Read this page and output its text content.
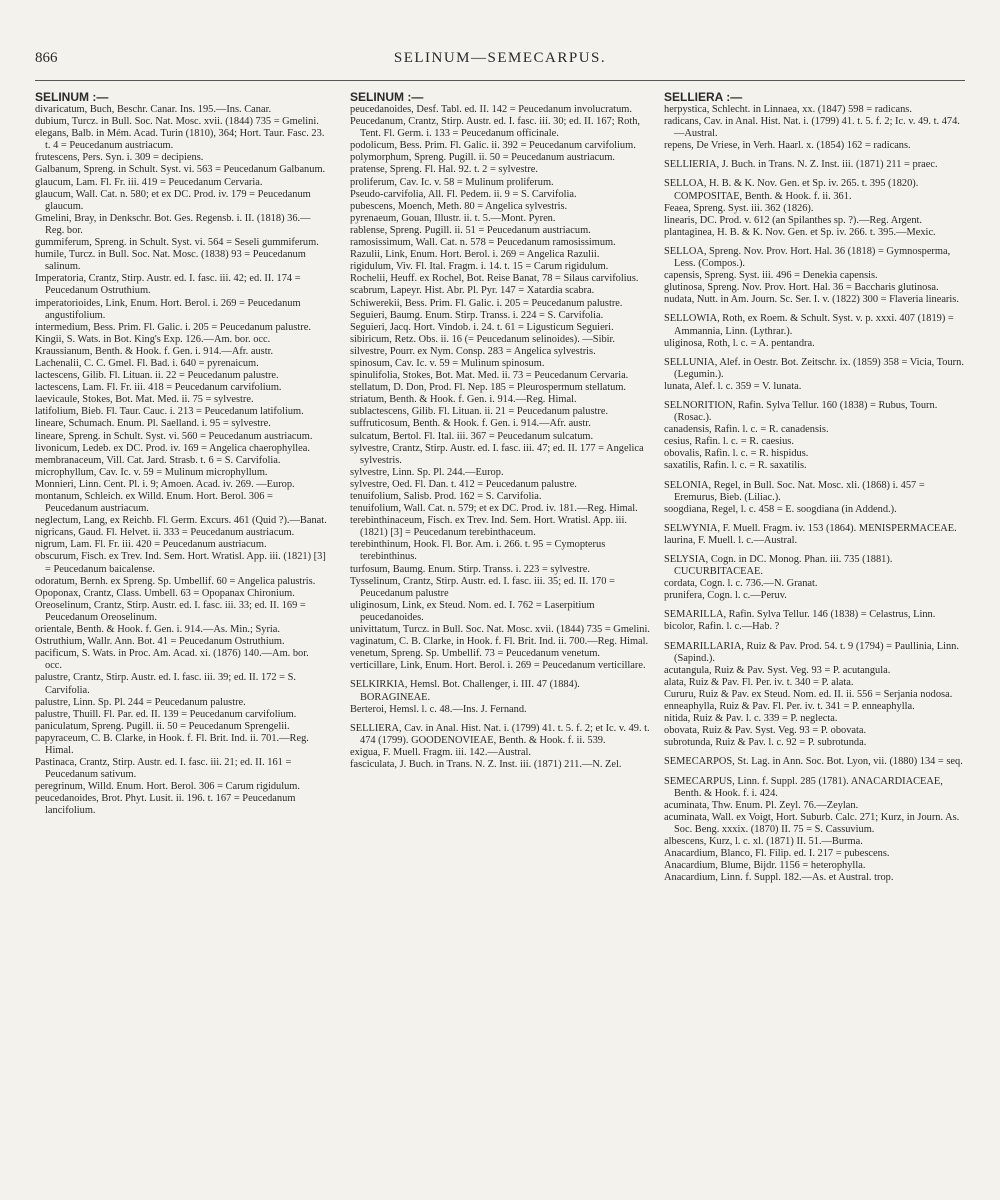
866	SELINUM—SEMECARPUS.

SELINUM :—

divaricatum, Buch, Beschr. Canar. Ins. 195.—Ins. Canar.

dubium, Turcz. in Bull. Soc. Nat. Mosc. xvii. (1844) 735 = Gmelini.

elegans, Balb. in Mém. Acad. Turin (1810), 364; Hort. Taur. Fasc. 23. t. 4 = Peucedanum austriacum.

frutescens, Pers. Syn. i. 309 = decipiens.

Galbanum, Spreng. in Schult. Syst. vi. 563 = Peucedanum Galbanum.

glaucum, Lam. Fl. Fr. iii. 419 = Peucedanum Cervaria.

glaucum, Wall. Cat. n. 580; et ex DC. Prod. iv. 179 = Peucedanum glaucum.

Gmelini, Bray, in Denkschr. Bot. Ges. Regensb. i. II. (1818) 36.—Reg. bor.

gummiferum, Spreng. in Schult. Syst. vi. 564 = Seseli gummiferum.

humile, Turcz. in Bull. Soc. Nat. Mosc. (1838) 93 = Peucedanum salinum.

Imperatoria, Crantz, Stirp. Austr. ed. I. fasc. iii. 42; ed. II. 174 = Peucedanum Ostruthium.

imperatorioides, Link, Enum. Hort. Berol. i. 269 = Peucedanum angustifolium.

intermedium, Bess. Prim. Fl. Galic. i. 205 = Peucedanum palustre.

Kingii, S. Wats. in Bot. King's Exp. 126.—Am. bor. occ.

Kraussianum, Benth. & Hook. f. Gen. i. 914.—Afr. austr.

Lachenalii, C. C. Gmel. Fl. Bad. i. 640 = pyrenaicum.

lactescens, Gilib. Fl. Lituan. ii. 22 = Peucedanum palustre.

lactescens, Lam. Fl. Fr. iii. 418 = Peucedanum carvifolium.

laevicaule, Stokes, Bot. Mat. Med. ii. 75 = sylvestre.

latifolium, Bieb. Fl. Taur. Cauc. i. 213 = Peucedanum latifolium.

lineare, Schumach. Enum. Pl. Saelland. i. 95 = sylvestre.

lineare, Spreng. in Schult. Syst. vi. 560 = Peucedanum austriacum.

livonicum, Ledeb. ex DC. Prod. iv. 169 = Angelica chaerophyllea.

membranaceum, Vill. Cat. Jard. Strasb. t. 6 = S. Carvifolia.

microphyllum, Cav. Ic. v. 59 = Mulinum microphyllum.

Monnieri, Linn. Cent. Pl. i. 9; Amoen. Acad. iv. 269. —Europ.

montanum, Schleich. ex Willd. Enum. Hort. Berol. 306 = Peucedanum austriacum.

neglectum, Lang, ex Reichb. Fl. Germ. Excurs. 461 (Quid ?).—Banat.

nigricans, Gaud. Fl. Helvet. ii. 333 = Peucedanum austriacum.

nigrum, Lam. Fl. Fr. iii. 420 = Peucedanum austriacum.

obscurum, Fisch. ex Trev. Ind. Sem. Hort. Wratisl. App. iii. (1821) [3] = Peucedanum baicalense.

odoratum, Bernh. ex Spreng. Sp. Umbellif. 60 = Angelica palustris.

Opoponax, Crantz, Class. Umbell. 63 = Opopanax Chironium.

Oreoselinum, Crantz, Stirp. Austr. ed. I. fasc. iii. 33; ed. II. 169 = Peucedanum Oreoselinum.

orientale, Benth. & Hook. f. Gen. i. 914.—As. Min.; Syria.

Ostruthium, Wallr. Ann. Bot. 41 = Peucedanum Ostruthium.

pacificum, S. Wats. in Proc. Am. Acad. xi. (1876) 140.—Am. bor. occ.

palustre, Crantz, Stirp. Austr. ed. I. fasc. iii. 39; ed. II. 172 = S. Carvifolia.

palustre, Linn. Sp. Pl. 244 = Peucedanum palustre.

palustre, Thuill. Fl. Par. ed. II. 139 = Peucedanum carvifolium.

paniculatum, Spreng. Pugill. ii. 50 = Peucedanum Sprengelii.

papyraceum, C. B. Clarke, in Hook. f. Fl. Brit. Ind. ii. 701.—Reg. Himal.

Pastinaca, Crantz, Stirp. Austr. ed. I. fasc. iii. 21; ed. II. 161 = Peucedanum sativum.

peregrinum, Willd. Enum. Hort. Berol. 306 = Carum rigidulum.

peucedanoides, Brot. Phyt. Lusit. ii. 196. t. 167 = Peucedanum lancifolium.

SELINUM :—

peucedanoides, Desf. Tabl. ed. II. 142 = Peucedanum involucratum.

Peucedanum, Crantz, Stirp. Austr. ed. I. fasc. iii. 30; ed. II. 167; Roth, Tent. Fl. Germ. i. 133 = Peucedanum officinale.

podolicum, Bess. Prim. Fl. Galic. ii. 392 = Peucedanum carvifolium.

polymorphum, Spreng. Pugill. ii. 50 = Peucedanum austriacum.

pratense, Spreng. Fl. Hal. 92. t. 2 = sylvestre.

proliferum, Cav. Ic. v. 58 = Mulinum proliferum.

Pseudo-carvifolia, All. Fl. Pedem. ii. 9 = S. Carvifolia.

pubescens, Moench, Meth. 80 = Angelica sylvestris.

pyrenaeum, Gouan, Illustr. ii. t. 5.—Mont. Pyren.

rablense, Spreng. Pugill. ii. 51 = Peucedanum austriacum.

ramosissimum, Wall. Cat. n. 578 = Peucedanum ramosissimum.

Razulii, Link, Enum. Hort. Berol. i. 269 = Angelica Razulii.

rigidulum, Viv. Fl. Ital. Fragm. i. 14. t. 15 = Carum rigidulum.

Rochelii, Heuff. ex Rochel, Bot. Reise Banat, 78 = Silaus carvifolius.

scabrum, Lapeyr. Hist. Abr. Pl. Pyr. 147 = Xatardia scabra.

Schiwerekii, Bess. Prim. Fl. Galic. i. 205 = Peucedanum palustre.

Seguieri, Baumg. Enum. Stirp. Transs. i. 224 = S. Carvifolia.

Seguieri, Jacq. Hort. Vindob. i. 24. t. 61 = Ligusticum Seguieri.

sibiricum, Retz. Obs. ii. 16 (= Peucedanum selinoides). —Sibir.

silvestre, Pourr. ex Nym. Consp. 283 = Angelica sylvestris.

spinosum, Cav. Ic. v. 59 = Mulinum spinosum.

spinulifolia, Stokes, Bot. Mat. Med. ii. 73 = Peucedanum Cervaria.

stellatum, D. Don, Prod. Fl. Nep. 185 = Pleurospermum stellatum.

striatum, Benth. & Hook. f. Gen. i. 914.—Reg. Himal.

sublactescens, Gilib. Fl. Lituan. ii. 21 = Peucedanum palustre.

suffruticosum, Benth. & Hook. f. Gen. i. 914.—Afr. austr.

sulcatum, Bertol. Fl. Ital. iii. 367 = Peucedanum sulcatum.

sylvestre, Crantz, Stirp. Austr. ed. I. fasc. iii. 47; ed. II. 177 = Angelica sylvestris.

sylvestre, Linn. Sp. Pl. 244.—Europ.

sylvestre, Oed. Fl. Dan. t. 412 = Peucedanum palustre.

tenuifolium, Salisb. Prod. 162 = S. Carvifolia.

tenuifolium, Wall. Cat. n. 579; et ex DC. Prod. iv. 181.—Reg. Himal.

terebinthinaceum, Fisch. ex Trev. Ind. Sem. Hort. Wratisl. App. iii. (1821) [3] = Peucedanum terebinthaceum.

terebinthinum, Hook. Fl. Bor. Am. i. 266. t. 95 = Cymopterus terebinthinus.

turfosum, Baumg. Enum. Stirp. Transs. i. 223 = sylvestre.

Tysselinum, Crantz, Stirp. Austr. ed. I. fasc. iii. 35; ed. II. 170 = Peucedanum palustre

uliginosum, Link, ex Steud. Nom. ed. I. 762 = Laserpitium peucedanoides.

univittatum, Turcz. in Bull. Soc. Nat. Mosc. xvii. (1844) 735 = Gmelini.

vaginatum, C. B. Clarke, in Hook. f. Fl. Brit. Ind. ii. 700.—Reg. Himal.

venetum, Spreng. Sp. Umbellif. 73 = Peucedanum venetum.

verticillare, Link, Enum. Hort. Berol. i. 269 = Peucedanum verticillare.

SELKIRKIA, Hemsl. Bot. Challenger, i. III. 47 (1884). BORAGINEAE.

Berteroi, Hemsl. l. c. 48.—Ins. J. Fernand.

SELLIERA, Cav. in Anal. Hist. Nat. i. (1799) 41. t. 5. f. 2; et Ic. v. 49. t. 474 (1799). GOODENOVIEAE, Benth. & Hook. f. ii. 539.

exigua, F. Muell. Fragm. iii. 142.—Austral.

fasciculata, J. Buch. in Trans. N. Z. Inst. iii. (1871) 211.—N. Zel.

SELLIERA :—

herpystica, Schlecht. in Linnaea, xx. (1847) 598 = radicans.

radicans, Cav. in Anal. Hist. Nat. i. (1799) 41. t. 5. f. 2; Ic. v. 49. t. 474.—Austral.

repens, De Vriese, in Verh. Haarl. x. (1854) 162 = radicans.

SELLIERIA, J. Buch. in Trans. N. Z. Inst. iii. (1871) 211 = praec.

SELLOA, H. B. & K. Nov. Gen. et Sp. iv. 265. t. 395 (1820). COMPOSITAE, Benth. & Hook. f. ii. 361.

Feaea, Spreng. Syst. iii. 362 (1826).

linearis, DC. Prod. v. 612 (an Spilanthes sp. ?).—Reg. Argent.

plantaginea, H. B. & K. Nov. Gen. et Sp. iv. 266. t. 395.—Mexic.

SELLOA, Spreng. Nov. Prov. Hort. Hal. 36 (1818) = Gymnosperma, Less. (Compos.).

capensis, Spreng. Syst. iii. 496 = Denekia capensis.

glutinosa, Spreng. Nov. Prov. Hort. Hal. 36 = Baccharis glutinosa.

nudata, Nutt. in Am. Journ. Sc. Ser. I. v. (1822) 300 = Flaveria linearis.

SELLOWIA, Roth, ex Roem. & Schult. Syst. v. p. xxxi. 407 (1819) = Ammannia, Linn. (Lythrar.).

uliginosa, Roth, l. c. = A. pentandra.

SELLUNIA, Alef. in Oestr. Bot. Zeitschr. ix. (1859) 358 = Vicia, Tourn. (Legumin.).

lunata, Alef. l. c. 359 = V. lunata.

SELNORITION, Rafin. Sylva Tellur. 160 (1838) = Rubus, Tourn. (Rosac.).

canadensis, Rafin. l. c. = R. canadensis.

cesius, Rafin. l. c. = R. caesius.

obovalis, Rafin. l. c. = R. hispidus.

saxatilis, Rafin. l. c. = R. saxatilis.

SELONIA, Regel, in Bull. Soc. Nat. Mosc. xli. (1868) i. 457 = Eremurus, Bieb. (Liliac.).

soogdiana, Regel, l. c. 458 = E. soogdiana (in Addend.).

SELWYNIA, F. Muell. Fragm. iv. 153 (1864). MENISPERMACEAE.

laurina, F. Muell. l. c.—Austral.

SELYSIA, Cogn. in DC. Monog. Phan. iii. 735 (1881). CUCURBITACEAE.

cordata, Cogn. l. c. 736.—N. Granat.

prunifera, Cogn. l. c.—Peruv.

SEMARILLA, Rafin. Sylva Tellur. 146 (1838) = Celastrus, Linn.

bicolor, Rafin. l. c.—Hab. ?

SEMARILLARIA, Ruiz & Pav. Prod. 54. t. 9 (1794) = Paullinia, Linn. (Sapind.).

acutangula, Ruiz & Pav. Syst. Veg. 93 = P. acutangula.

alata, Ruiz & Pav. Fl. Per. iv. t. 340 = P. alata.

Cururu, Ruiz & Pav. ex Steud. Nom. ed. II. ii. 556 = Serjania nodosa.

enneaphylla, Ruiz & Pav. Fl. Per. iv. t. 341 = P. enneaphylla.

nitida, Ruiz & Pav. l. c. 339 = P. neglecta.

obovata, Ruiz & Pav. Syst. Veg. 93 = P. obovata.

subrotunda, Ruiz & Pav. l. c. 92 = P. subrotunda.

SEMECARPOS, St. Lag. in Ann. Soc. Bot. Lyon, vii. (1880) 134 = seq.

SEMECARPUS, Linn. f. Suppl. 285 (1781). ANACARDIACEAE, Benth. & Hook. f. i. 424.

acuminata, Thw. Enum. Pl. Zeyl. 76.—Zeylan.

acuminata, Wall. ex Voigt, Hort. Suburb. Calc. 271; Kurz, in Journ. As. Soc. Beng. xxxix. (1870) II. 75 = S. Cassuvium.

albescens, Kurz, l. c. xl. (1871) II. 51.—Burma.

Anacardium, Blanco, Fl. Filip. ed. I. 217 = pubescens.

Anacardium, Blume, Bijdr. 1156 = heterophylla.

Anacardium, Linn. f. Suppl. 182.—As. et Austral. trop.
